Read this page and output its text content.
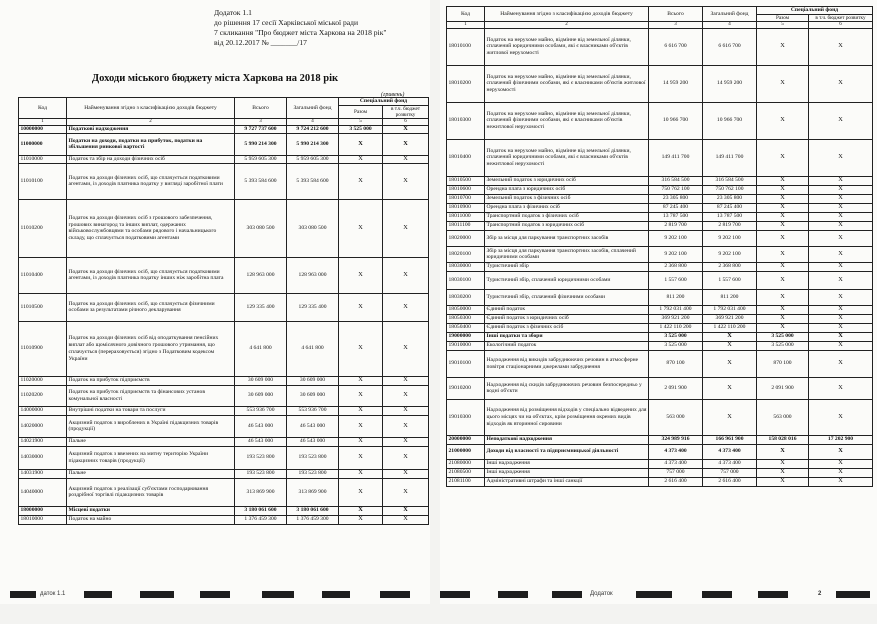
Додаток 1.1
до рішення 17 сесії Харківської міської ради
7 скликання "Про бюджет міста Харкова на 2018 рік"
від 20.12.2017 № _______/17
Доходи міського бюджету міста Харкова на 2018 рік
(гривень)
Код	Найменування згідно з класифікацією доходів бюджету	Всього	Загальний фонд	Спеціальний фонд	
				Разом	в т.ч. бюджет розвитку
1	2	3	4	5	6
10000000	Податкові надходження	9 727 737 600	9 724 212 600	3 525 000	X
11000000	Податки на доходи, податки на прибуток, податки на збільшення ринкової вартості	5 990 214 300	5 990 214 300	X	X
11010000	Податок та збір на доходи фізичних осіб	5 959 605 300	5 959 605 300	X	X
11010100	Податок на доходи фізичних осіб, що сплачується податковими агентами, із доходів платника податку у вигляді заробітної плати	5 393 584 600	5 393 584 600	X	X
11010200	Податок на доходи фізичних осіб з грошового забезпечення, грошових винагород та інших виплат, одержаних військовослужбовцями та особами рядового і начальницького складу, що сплачується податковими агентами	303 080 500	303 080 500	X	X
11010400	Податок на доходи фізичних осіб, що сплачується податковими агентами, із доходів платника податку інших ніж заробітна плата	128 963 000	128 963 000	X	X
11010500	Податок на доходи фізичних осіб, що сплачується фізичними особами за результатами річного декларування	129 335 400	129 335 400	X	X
11010900	Податок на доходи фізичних осіб від оподаткування пенсійних виплат або щомісячного довічного грошового утримання, що сплачується (перераховується) згідно з Податковим кодексом України	4 641 800	4 641 800	X	X
11020000	Податок на прибуток підприємств	30 609 000	30 609 000	X	X
11020200	Податок на прибуток підприємств та фінансових установ комунальної власності	30 609 000	30 609 000	X	X
14000000	Внутрішні податки на товари та послуги	553 936 700	553 936 700	X	X
14020000	Акцизний податок з вироблених в Україні підакцизних товарів (продукції)	46 543 000	46 543 000	X	X
14021900	Пальне	46 543 000	46 543 000	X	X
14030000	Акцизний податок з ввезених на митну територію України підакцизних товарів (продукції)	193 523 800	193 523 800	X	X
14031900	Пальне	193 523 800	193 523 800	X	X
14040000	Акцизний податок з реалізації суб'єктами господарювання роздрібної торгівлі підакцизних товарів	313 869 900	313 869 900	X	X
18000000	Місцеві податки	3 180 061 600	3 180 061 600	X	X
18010000	Податок на майно	1 376 459 300	1 376 459 300	X	X
даток 1.1
Код	Найменування згідно з класифікацією доходів бюджету	Всього	Загальний фонд	Спеціальний фонд	
				Разом	в т.ч. бюджет розвитку
1	2	3	4	5	6
18010100	Податок на нерухоме майно, відмінне від земельної ділянки, сплачений юридичними особами, які є власниками об'єктів житлової нерухомості	6 616 700	6 616 700	X	X
18010200	Податок на нерухоме майно, відмінне від земельної ділянки, сплачений фізичними особами, які є власниками об'єктів житлової нерухомості	14 959 200	14 959 200	X	X
18010300	Податок на нерухоме майно, відмінне від земельної ділянки, сплачений фізичними особами, які є власниками об'єктів нежитлової нерухомості	10 966 700	10 966 700	X	X
18010400	Податок на нерухоме майно, відмінне від земельної ділянки, сплачений юридичними особами, які є власниками об'єктів нежитлової нерухомості	149 411 700	149 411 700	X	X
18010500	Земельний податок з юридичних осіб	316 584 500	316 584 500	X	X
18010600	Орендна плата з юридичних осіб	750 762 100	750 762 100	X	X
18010700	Земельний податок з фізичних осіб	23 305 800	23 305 800	X	X
18010900	Орендна плата з фізичних осіб	87 245 400	87 245 400	X	X
18011000	Транспортний податок з фізичних осіб	13 787 500	13 787 500	X	X
18011100	Транспортний податок з юридичних осіб	2 819 700	2 819 700	X	X
18020000	Збір за місця для паркування транспортних засобів	9 202 100	9 202 100	X	X
18020100	Збір за місця для паркування транспортних засобів, сплачений юридичними особами	9 202 100	9 202 100	X	X
18030000	Туристичний збір	2 368 800	2 368 800	X	X
18030100	Туристичний збір, сплачений юридичними особами	1 557 600	1 557 600	X	X
18030200	Туристичний збір, сплачений фізичними особами	811 200	811 200	X	X
18050000	Єдиний податок	1 792 031 400	1 792 031 400	X	X
18050300	Єдиний податок з юридичних осіб	369 921 200	369 921 200	X	X
18050400	Єдиний податок з фізичних осіб	1 422 110 200	1 422 110 200	X	X
19000000	Інші податки та збори	3 525 000	X	3 525 000	X
19010000	Екологічний податок	3 525 000	X	3 525 000	X
19010100	Надходження від викидів забруднюючих речовин в атмосферне повітря стаціонарними джерелами забруднення	870 100	X	870 100	X
19010200	Надходження від скидів забруднюючих речовин безпосередньо у водні об'єкти	2 091 900	X	2 091 900	X
19010300	Надходження від розміщення відходів у спеціально відведених для цього місцях чи на об'єктах, крім розміщення окремих видів відходів як вторинної сировини	563 000	X	563 000	X
20000000	Неподаткові надходження	324 989 916	166 961 900	158 028 016	17 202 900
21000000	Доходи від власності та підприємницької діяльності	4 373 400	4 373 400	X	X
21080000	Інші надходження	4 373 400	4 373 400	X	X
21080500	Інші надходження	757 000	757 000	X	X
21081100	Адміністративні штрафи та інші санкції	2 616 400	2 616 400	X	X
Додаток	2
